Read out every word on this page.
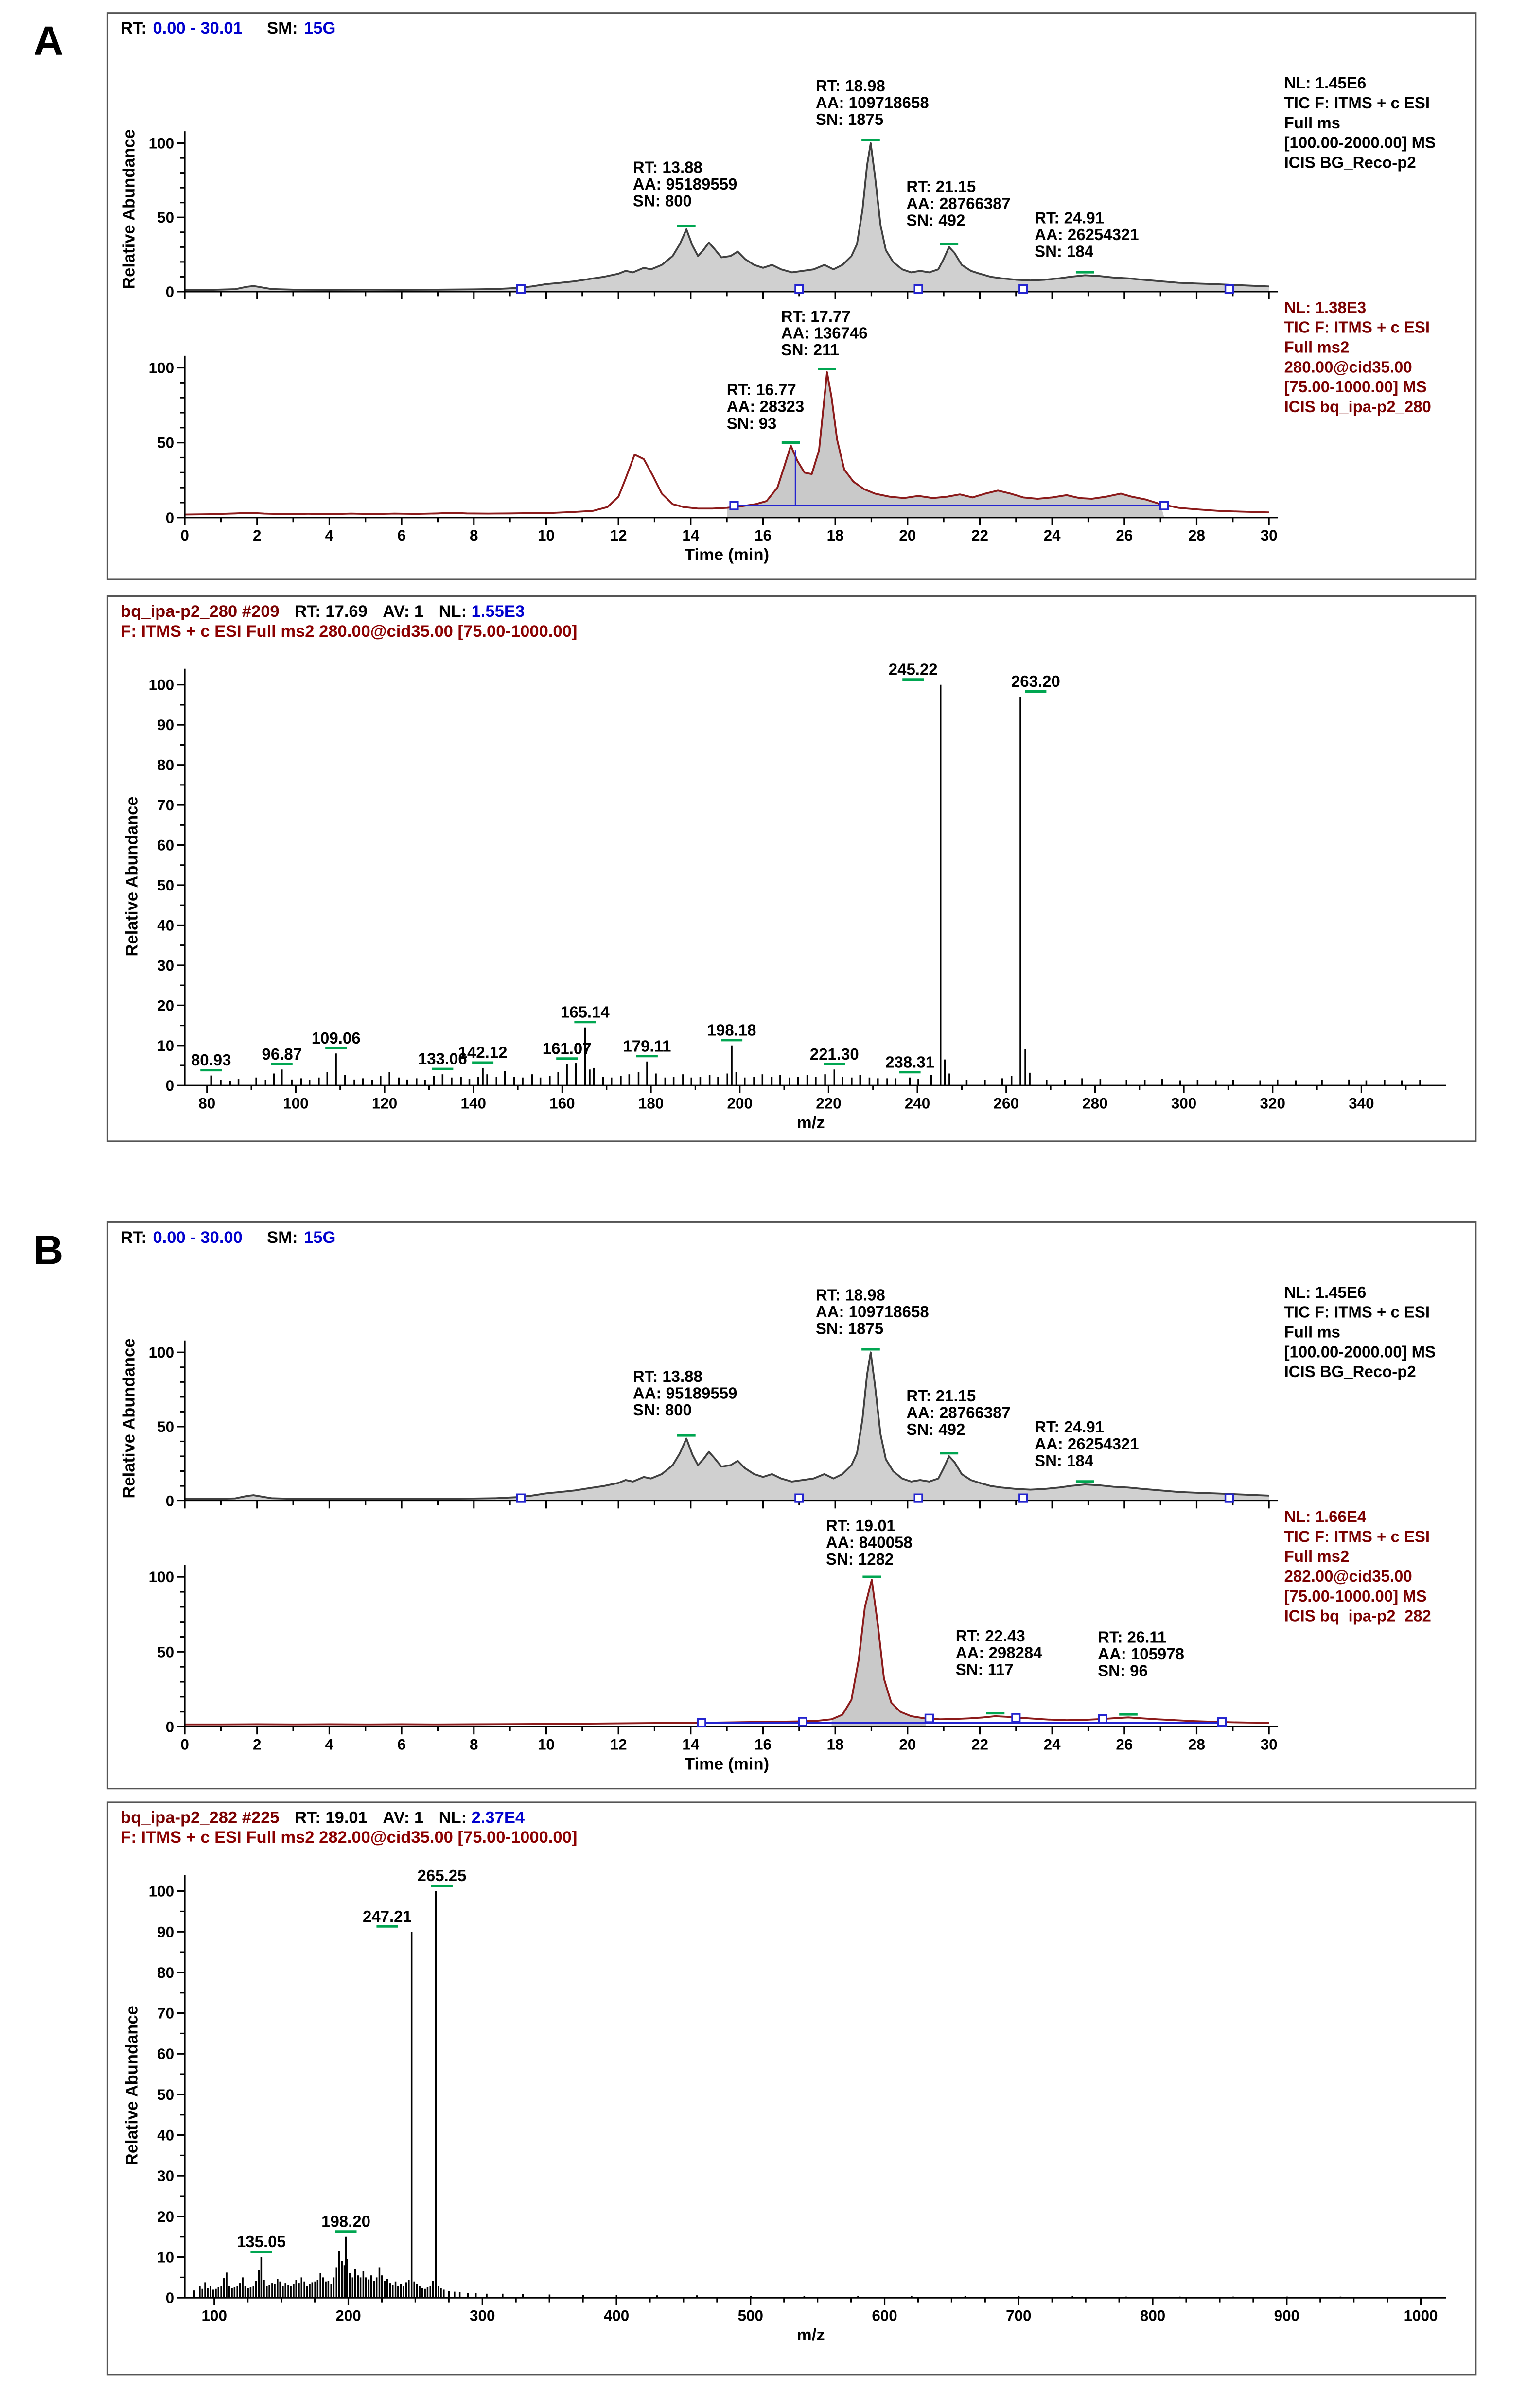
A
B
RT: 0.00 - 30.01	SM: 15G
Relative Abundance
0
50
100
RT: 13.88
AA: 95189559
SN: 800
RT: 18.98
AA: 109718658
SN: 1875
RT: 21.15
AA: 28766387
SN: 492	RT: 24.91
AA: 26254321
SN: 184
NL: 1.45E6
TIC F: ITMS + c ESI
Full ms
[100.00-2000.00] MS
ICIS BG_Reco-p2
0
50
100
0	2	4	6	8	10	12	14	16	18	20	22	24	26	28	30
RT: 17.77
AA: 136746
SN: 211
RT: 16.77
AA: 28323
SN: 93
NL: 1.38E3
TIC F: ITMS + c ESI
Full ms2
280.00@cid35.00
[75.00-1000.00] MS
ICIS bq_ipa-p2_280
Time (min)
bq_ipa-p2_280 #209	RT: 17.69	AV: 1	NL: 1.55E3
F: ITMS + c ESI Full ms2 280.00@cid35.00 [75.00-1000.00]
Relative Abundance
0
10
20
30
40
50
60
70
80
90
100
80	100	120	140	160	180	200	220	240	260	280	300	320	340
80.93	96.87
109.06
133.06
142.12	161.07
165.14
179.11
198.18
221.30	238.31
245.22
263.20
m/z
RT: 0.00 - 30.00	SM: 15G
Relative Abundance
0
50
100
RT: 13.88
AA: 95189559
SN: 800
RT: 18.98
AA: 109718658
SN: 1875
RT: 21.15
AA: 28766387
SN: 492	RT: 24.91
AA: 26254321
SN: 184
NL: 1.45E6
TIC F: ITMS + c ESI
Full ms
[100.00-2000.00] MS
ICIS BG_Reco-p2
0
50
100
0	2	4	6	8	10	12	14	16	18	20	22	24	26	28	30
RT: 19.01
AA: 840058
SN: 1282
RT: 22.43
AA: 298284
SN: 117
RT: 26.11
AA: 105978
SN: 96
NL: 1.66E4
TIC F: ITMS + c ESI
Full ms2
282.00@cid35.00
[75.00-1000.00] MS
ICIS bq_ipa-p2_282
Time (min)
bq_ipa-p2_282 #225	RT: 19.01	AV: 1	NL: 2.37E4
F: ITMS + c ESI Full ms2 282.00@cid35.00 [75.00-1000.00]
Relative Abundance
0
10
20
30
40
50
60
70
80
90
100
100	200	300	400	500	600	700	800	900	1000
135.05
198.20
247.21
265.25
m/z
